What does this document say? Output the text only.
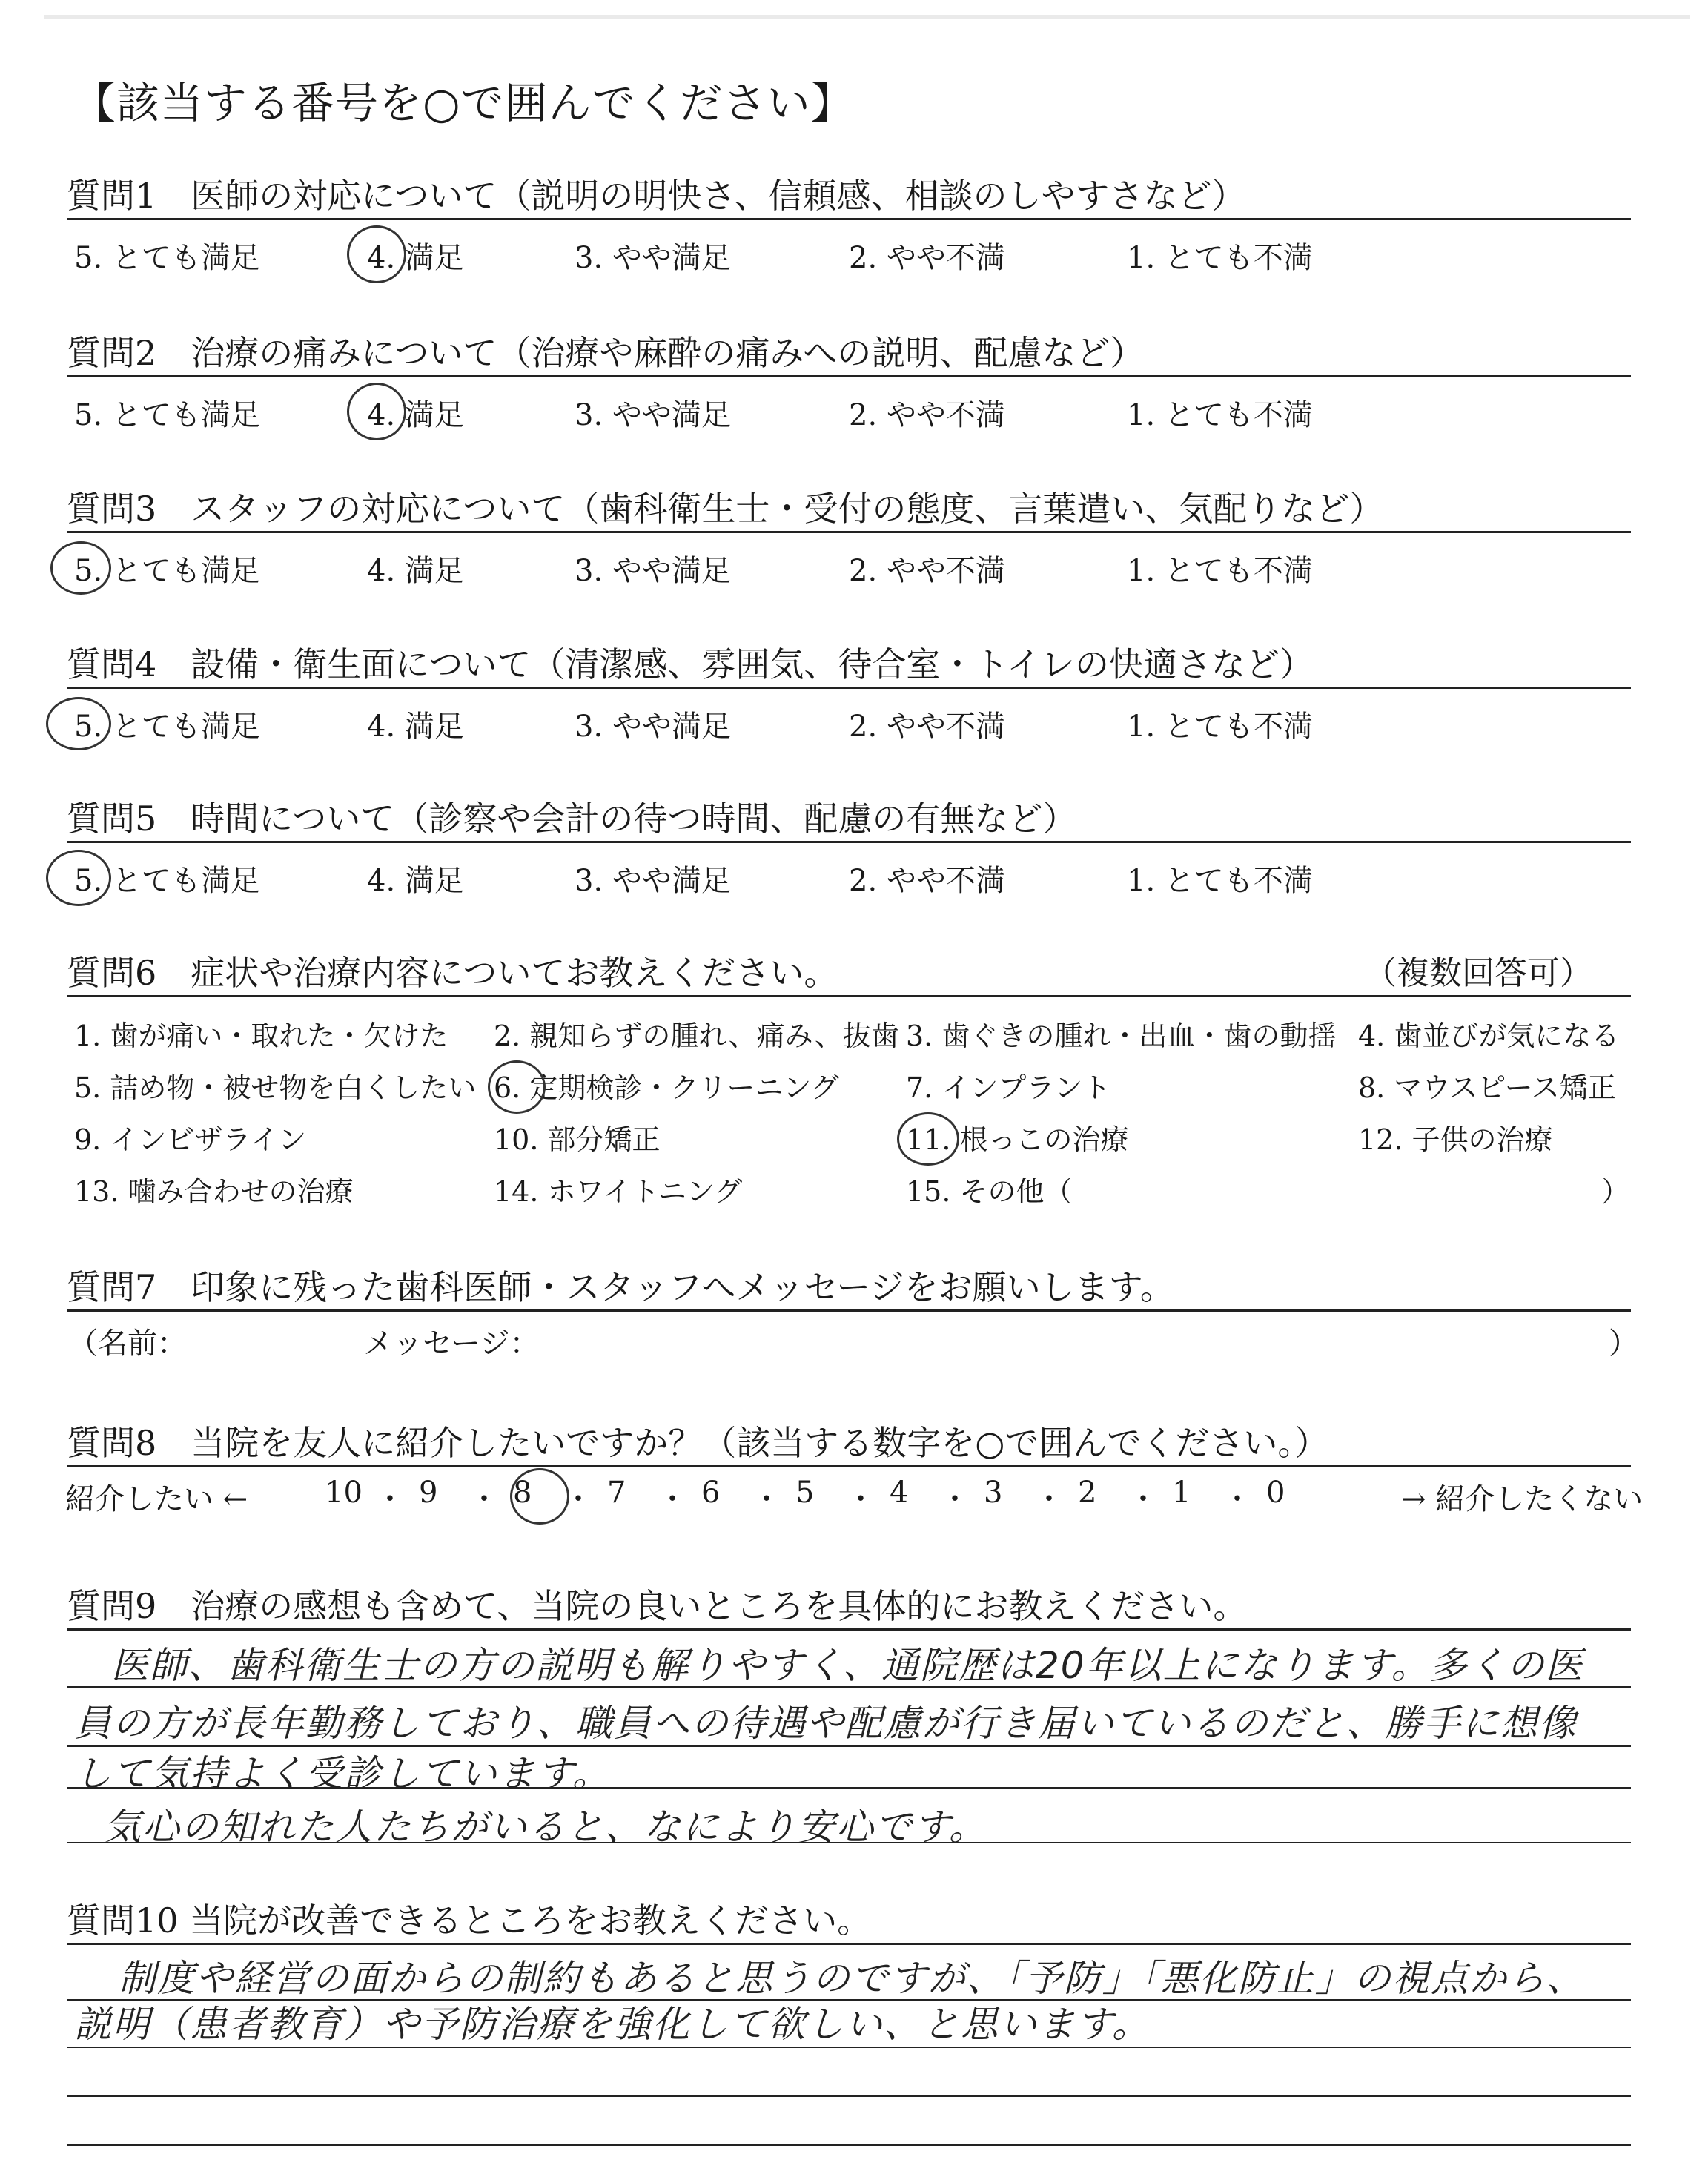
【該当する番号を○で囲んでください】
質問1　医師の対応について（説明の明快さ、信頼感、相談のしやすさなど）
5. とても満足	4. 満足	3. やや満足	2. やや不満	1. とても不満
質問2　治療の痛みについて（治療や麻酔の痛みへの説明、配慮など）
5. とても満足	4. 満足	3. やや満足	2. やや不満	1. とても不満
質問3　スタッフの対応について（歯科衛生士・受付の態度、言葉遣い、気配りなど）
5. とても満足	4. 満足	3. やや満足	2. やや不満	1. とても不満
質問4　設備・衛生面について（清潔感、雰囲気、待合室・トイレの快適さなど）
5. とても満足	4. 満足	3. やや満足	2. やや不満	1. とても不満
質問5　時間について（診察や会計の待つ時間、配慮の有無など）
5. とても満足	4. 満足	3. やや満足	2. やや不満	1. とても不満
質問6　症状や治療内容についてお教えください。	（複数回答可）
1. 歯が痛い・取れた・欠けた 2. 親知らずの腫れ、痛み、抜歯 3. 歯ぐきの腫れ・出血・歯の動揺 4. 歯並びが気になる
5. 詰め物・被せ物を白くしたい 6. 定期検診・クリーニング 7. インプラント	8. マウスピース矯正
9. インビザライン	10. 部分矯正	11. 根っこの治療	12. 子供の治療
13. 噛み合わせの治療	14. ホワイトニング	15. その他（	）
質問7　印象に残った歯科医師・スタッフへメッセージをお願いします。
（名前：	メッセージ：	）
質問8　当院を友人に紹介したいですか？（該当する数字を○で囲んでください。）
紹介したい ←	10 ・ 9 ・ 8 ・ 7 ・ 6 ・ 5 ・ 4 ・ 3 ・ 2 ・ 1 ・ 0	→ 紹介したくない
質問9　治療の感想も含めて、当院の良いところを具体的にお教えください。
医師、歯科衛生士の方の説明も解りやすく、通院歴は20年以上になります。多くの医
員の方が長年勤務しており、職員への待遇や配慮が行き届いているのだと、勝手に想像
して気持よく受診しています。
気心の知れた人たちがいると、なにより安心です。
質問10 当院が改善できるところをお教えください。
制度や経営の面からの制約もあると思うのですが、「予防」「悪化防止」の視点から、
説明（患者教育）や予防治療を強化して欲しい、と思います。
